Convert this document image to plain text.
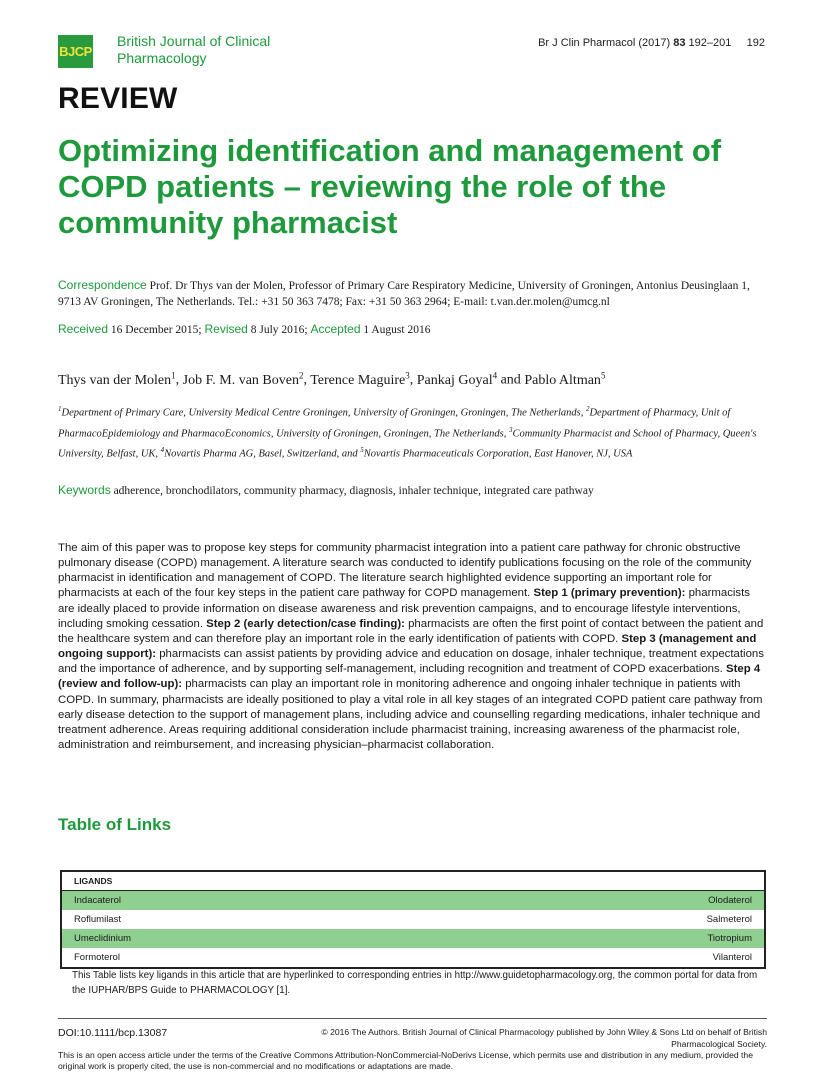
BJCP
British Journal of Clinical Pharmacology
Br J Clin Pharmacol (2017) 83 192–201 192
REVIEW
Optimizing identification and management of COPD patients – reviewing the role of the community pharmacist
Correspondence Prof. Dr Thys van der Molen, Professor of Primary Care Respiratory Medicine, University of Groningen, Antonius Deusinglaan 1, 9713 AV Groningen, The Netherlands. Tel.: +31 50 363 7478; Fax: +31 50 363 2964; E-mail: t.van.der.molen@umcg.nl
Received 16 December 2015; Revised 8 July 2016; Accepted 1 August 2016
Thys van der Molen$^1$, Job F. M. van Boven$^2$, Terence Maguire$^3$, Pankaj Goyal$^4$ and Pablo Altman$^5$
$^1$Department of Primary Care, University Medical Centre Groningen, University of Groningen, Groningen, The Netherlands, $^2$Department of Pharmacy, Unit of PharmacoEpidemiology and PharmacoEconomics, University of Groningen, Groningen, The Netherlands, $^3$Community Pharmacist and School of Pharmacy, Queen's University, Belfast, UK, $^4$Novartis Pharma AG, Basel, Switzerland, and $^5$Novartis Pharmaceuticals Corporation, East Hanover, NJ, USA
Keywords adherence, bronchodilators, community pharmacy, diagnosis, inhaler technique, integrated care pathway
The aim of this paper was to propose key steps for community pharmacist integration into a patient care pathway for chronic obstructive pulmonary disease (COPD) management. A literature search was conducted to identify publications focusing on the role of the community pharmacist in identification and management of COPD. The literature search highlighted evidence supporting an important role for pharmacists at each of the four key steps in the patient care pathway for COPD management. Step 1 (primary prevention): pharmacists are ideally placed to provide information on disease awareness and risk prevention campaigns, and to encourage lifestyle interventions, including smoking cessation. Step 2 (early detection/case finding): pharmacists are often the first point of contact between the patient and the healthcare system and can therefore play an important role in the early identification of patients with COPD. Step 3 (management and ongoing support): pharmacists can assist patients by providing advice and education on dosage, inhaler technique, treatment expectations and the importance of adherence, and by supporting self-management, including recognition and treatment of COPD exacerbations. Step 4 (review and follow-up): pharmacists can play an important role in monitoring adherence and ongoing inhaler technique in patients with COPD. In summary, pharmacists are ideally positioned to play a vital role in all key stages of an integrated COPD patient care pathway from early disease detection to the support of management plans, including advice and counselling regarding medications, inhaler technique and treatment adherence. Areas requiring additional consideration include pharmacist training, increasing awareness of the pharmacist role, administration and reimbursement, and increasing physician–pharmacist collaboration.
Table of Links
LIGANDS
Indacaterol	Olodaterol
Roflumilast	Salmeterol
Umeclidinium	Tiotropium
Formoterol	Vilanterol
This Table lists key ligands in this article that are hyperlinked to corresponding entries in http://www.guidetopharmacology.org, the common portal for data from the IUPHAR/BPS Guide to PHARMACOLOGY [1].
DOI:10.1111/bcp.13087	© 2016 The Authors. British Journal of Clinical Pharmacology published by John Wiley & Sons Ltd on behalf of British Pharmacological Society.
This is an open access article under the terms of the Creative Commons Attribution-NonCommercial-NoDerivs License, which permits use and distribution in any medium, provided the original work is properly cited, the use is non-commercial and no modifications or adaptations are made.
